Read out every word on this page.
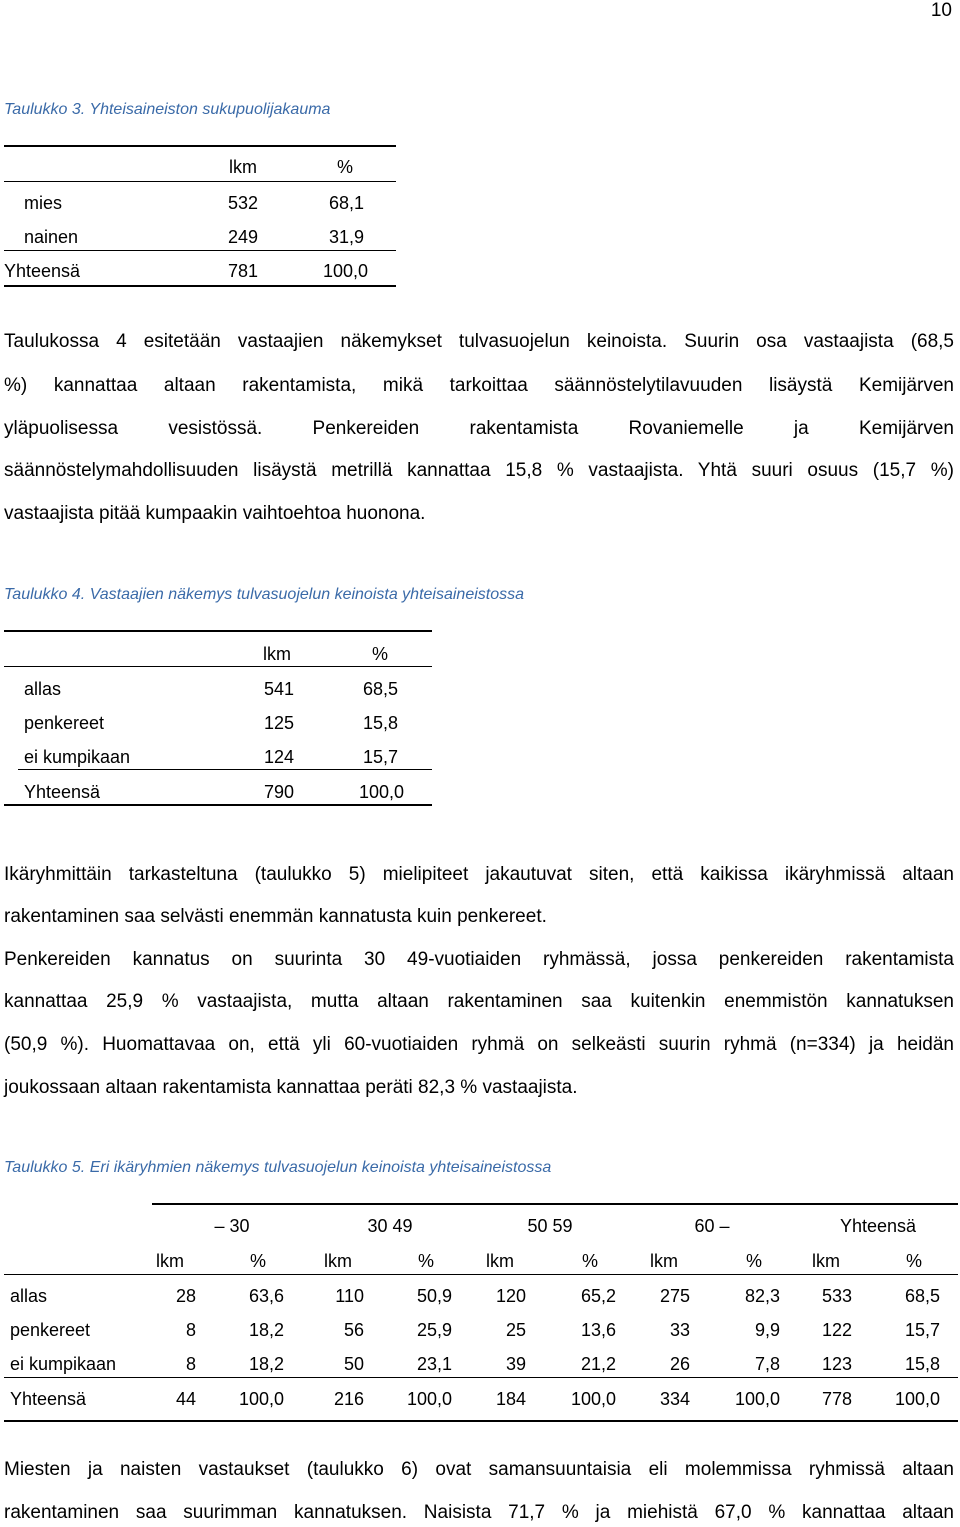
10
Taulukko 3. Yhteisaineiston sukupuolijakauma
lkm	%
mies	532	68,1
nainen	249	31,9
Yhteensä	781	100,0
Taulukossa 4 esitetään vastaajien näkemykset tulvasuojelun keinoista. Suurin osa vastaajista (68,5
%) kannattaa altaan rakentamista, mikä tarkoittaa säännöstelytilavuuden lisäystä Kemijärven
yläpuolisessa vesistössä. Penkereiden rakentamista Rovaniemelle ja Kemijärven
säännöstelymahdollisuuden lisäystä metrillä kannattaa 15,8 % vastaajista. Yhtä suuri osuus (15,7 %)
vastaajista pitää kumpaakin vaihtoehtoa huonona.
Taulukko 4. Vastaajien näkemys tulvasuojelun keinoista yhteisaineistossa
lkm	%
allas	541	68,5
penkereet	125	15,8
ei kumpikaan	124	15,7
Yhteensä	790	100,0
Ikäryhmittäin tarkasteltuna (taulukko 5) mielipiteet jakautuvat siten, että kaikissa ikäryhmissä altaan
rakentaminen saa selvästi enemmän kannatusta kuin penkereet.
Penkereiden kannatus on suurinta 30 49-vuotiaiden ryhmässä, jossa penkereiden rakentamista
kannattaa 25,9 % vastaajista, mutta altaan rakentaminen saa kuitenkin enemmistön kannatuksen
(50,9 %). Huomattavaa on, että yli 60-vuotiaiden ryhmä on selkeästi suurin ryhmä (n=334) ja heidän
joukossaan altaan rakentamista kannattaa peräti 82,3 % vastaajista.
Taulukko 5. Eri ikäryhmien näkemys tulvasuojelun keinoista yhteisaineistossa
– 30	30 49	50 59	60 –	Yhteensä
lkm	%	lkm	%	lkm	%	lkm	%	lkm	%
allas	28	63,6	110	50,9	120	65,2	275	82,3	533	68,5
penkereet	8	18,2	56	25,9	25	13,6	33	9,9	122	15,7
ei kumpikaan	8	18,2	50	23,1	39	21,2	26	7,8	123	15,8
Yhteensä	44	100,0	216	100,0	184	100,0	334	100,0	778	100,0
Miesten ja naisten vastaukset (taulukko 6) ovat samansuuntaisia eli molemmissa ryhmissä altaan
rakentaminen saa suurimman kannatuksen. Naisista 71,7 % ja miehistä 67,0 % kannattaa altaan
